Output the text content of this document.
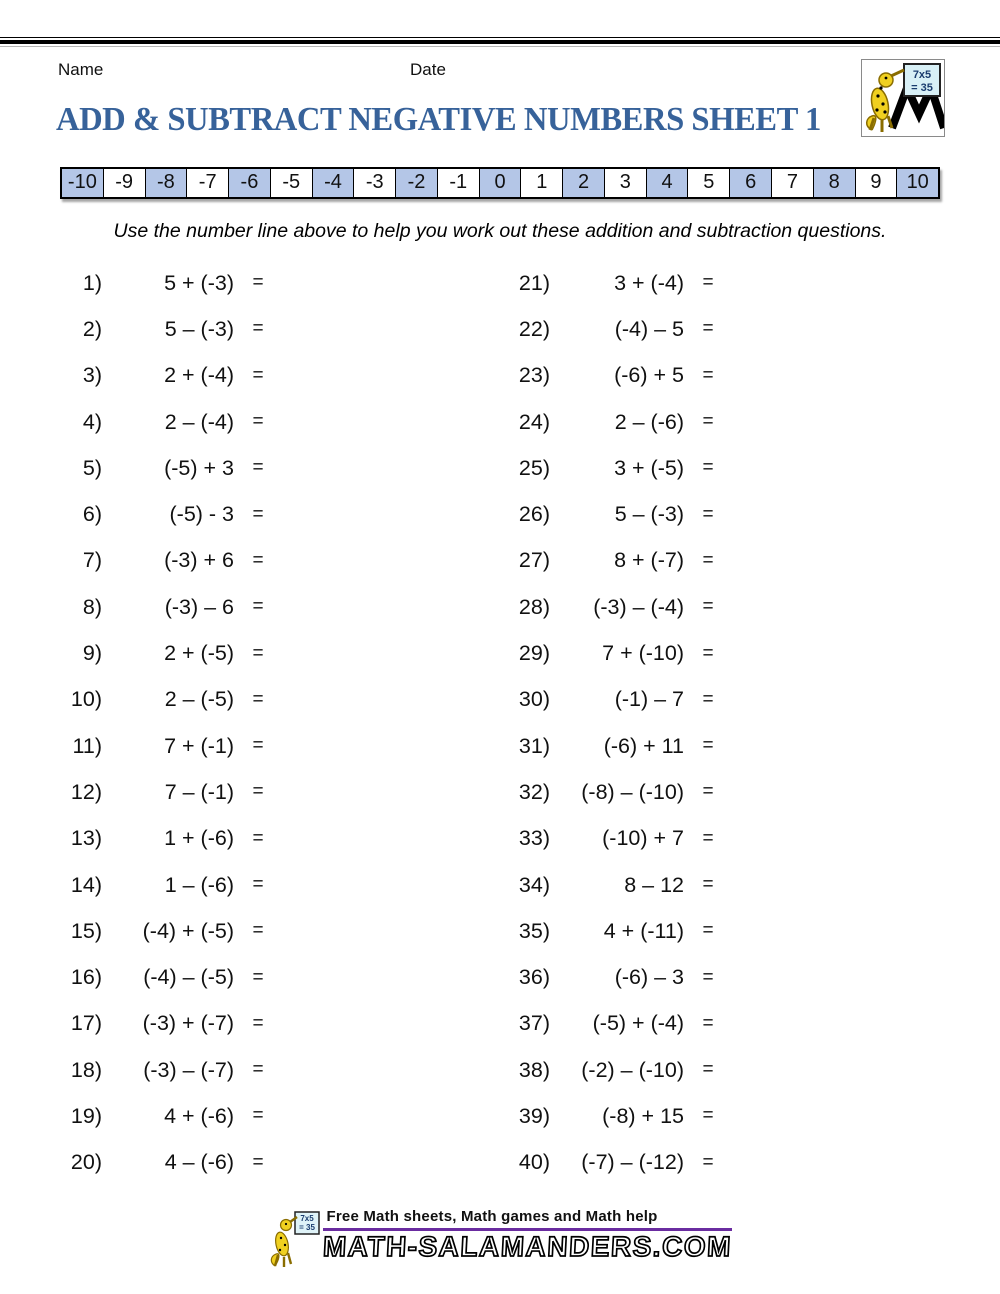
Name	Date	7x5
= 35
ADD & SUBTRACT NEGATIVE NUMBERS SHEET 1
-10 -9	-8	-7	-6	-5	-4	-3	-2	-1	0	1	2	3	4	5	6	7	8	9	10
Use the number line above to help you work out these addition and subtraction questions.
1)	5 + (-3) =
2)	5 – (-3) =
3)	2 + (-4) =
4)	2 – (-4) =
5)	(-5) + 3 =
6)	(-5) - 3 =
7)	(-3) + 6 =
8)	(-3) – 6 =
9)	2 + (-5) =
10)	2 – (-5) =
11)	7 + (-1) =
12)	7 – (-1) =
13)	1 + (-6) =
14)	1 – (-6) =
15)	(-4) + (-5) =
16)	(-4) – (-5) =
17)	(-3) + (-7) =
18)	(-3) – (-7) =
19)	4 + (-6) =
20)	4 – (-6) =
21)	3 + (-4) =
22)	(-4) – 5 =
23)	(-6) + 5 =
24)	2 – (-6) =
25)	3 + (-5) =
26)	5 – (-3) =
27)	8 + (-7) =
28)	(-3) – (-4) =
29)	7 + (-10) =
30)	(-1) – 7 =
31)	(-6) + 11 =
32)	(-8) – (-10) =
33)	(-10) + 7 =
34)	8 – 12 =
35)	4 + (-11) =
36)	(-6) – 3 =
37)	(-5) + (-4) =
38)	(-2) – (-10) =
39)	(-8) + 15 =
40)	(-7) – (-12) =
7x5
= 35
Free Math sheets, Math games and Math help
MATH-SALAMANDERS.COM
